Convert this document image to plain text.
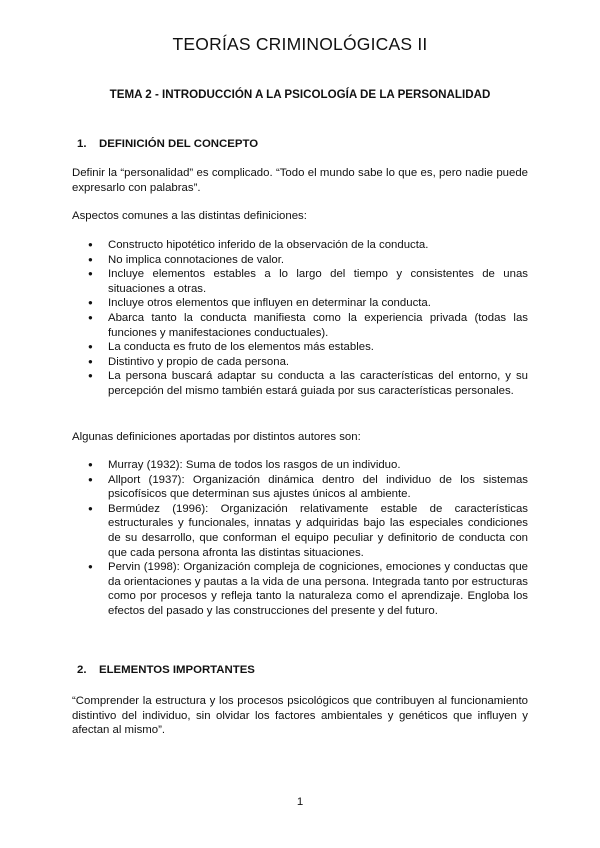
TEORÍAS CRIMINOLÓGICAS II
TEMA 2 - INTRODUCCIÓN A LA PSICOLOGÍA DE LA PERSONALIDAD
1. DEFINICIÓN DEL CONCEPTO
Definir la “personalidad” es complicado. “Todo el mundo sabe lo que es, pero nadie puede expresarlo con palabras”.
Aspectos comunes a las distintas definiciones:
● Constructo hipotético inferido de la observación de la conducta.
● No implica connotaciones de valor.
● Incluye elementos estables a lo largo del tiempo y consistentes de unas situaciones a otras.
● Incluye otros elementos que influyen en determinar la conducta.
● Abarca tanto la conducta manifiesta como la experiencia privada (todas las funciones y manifestaciones conductuales).
● La conducta es fruto de los elementos más estables.
● Distintivo y propio de cada persona.
● La persona buscará adaptar su conducta a las características del entorno, y su percepción del mismo también estará guiada por sus características personales.
Algunas definiciones aportadas por distintos autores son:
● Murray (1932): Suma de todos los rasgos de un individuo.
● Allport (1937): Organización dinámica dentro del individuo de los sistemas psicofísicos que determinan sus ajustes únicos al ambiente.
● Bermúdez (1996): Organización relativamente estable de características estructurales y funcionales, innatas y adquiridas bajo las especiales condiciones de su desarrollo, que conforman el equipo peculiar y definitorio de conducta con que cada persona afronta las distintas situaciones.
● Pervin (1998): Organización compleja de cogniciones, emociones y conductas que da orientaciones y pautas a la vida de una persona. Integrada tanto por estructuras como por procesos y refleja tanto la naturaleza como el aprendizaje. Engloba los efectos del pasado y las construcciones del presente y del futuro.
2. ELEMENTOS IMPORTANTES
“Comprender la estructura y los procesos psicológicos que contribuyen al funcionamiento distintivo del individuo, sin olvidar los factores ambientales y genéticos que influyen y afectan al mismo”.
1
